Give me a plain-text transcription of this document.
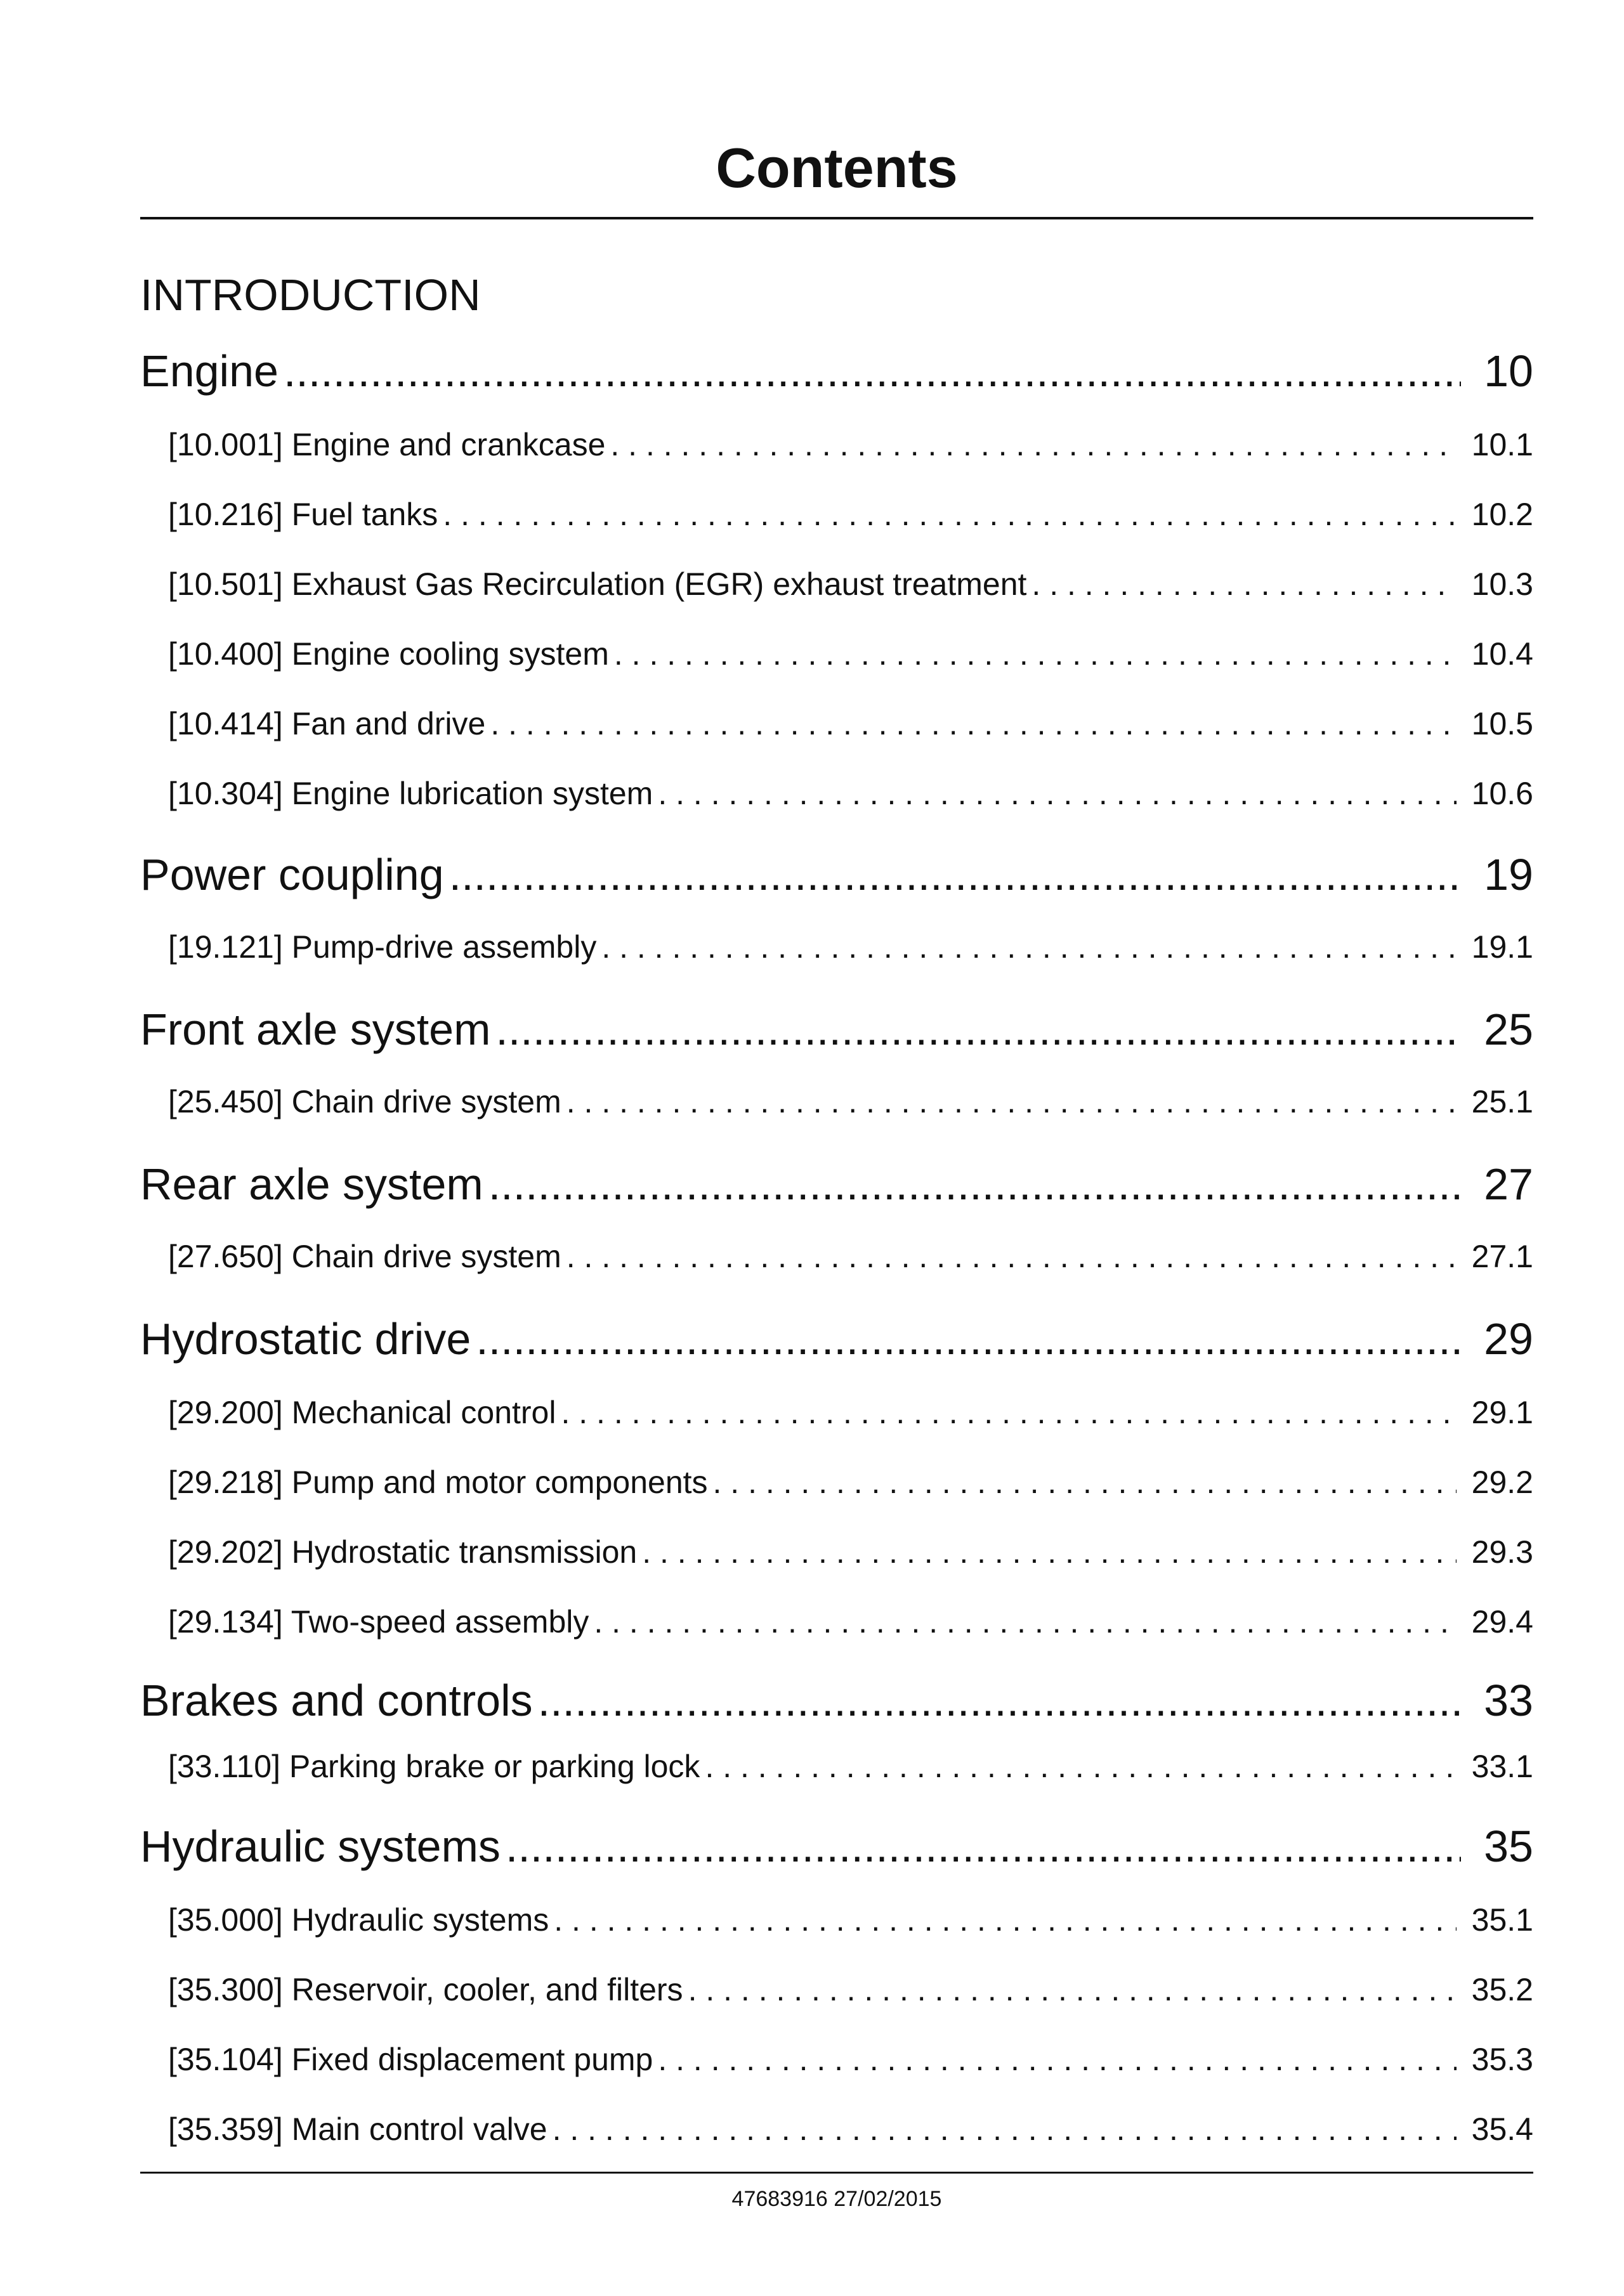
Contents
INTRODUCTION
Engine .....	10
[10.001] Engine and crankcase . . .	10.1
[10.216] Fuel tanks . . .	10.2
[10.501] Exhaust Gas Recirculation (EGR) exhaust treatment . . .	10.3
[10.400] Engine cooling system . . .	10.4
[10.414] Fan and drive . . .	10.5
[10.304] Engine lubrication system . . .	10.6
Power coupling .....	19
[19.121] Pump-drive assembly . . .	19.1
Front axle system .....	25
[25.450] Chain drive system . . .	25.1
Rear axle system .....	27
[27.650] Chain drive system . . .	27.1
Hydrostatic drive .....	29
[29.200] Mechanical control . . .	29.1
[29.218] Pump and motor components . . .	29.2
[29.202] Hydrostatic transmission . . .	29.3
[29.134] Two-speed assembly . . .	29.4
Brakes and controls .....	33
[33.110] Parking brake or parking lock . . .	33.1
Hydraulic systems .....	35
[35.000] Hydraulic systems . . .	35.1
[35.300] Reservoir, cooler, and filters . . .	35.2
[35.104] Fixed displacement pump . . .	35.3
[35.359] Main control valve . . .	35.4
47683916 27/02/2015
